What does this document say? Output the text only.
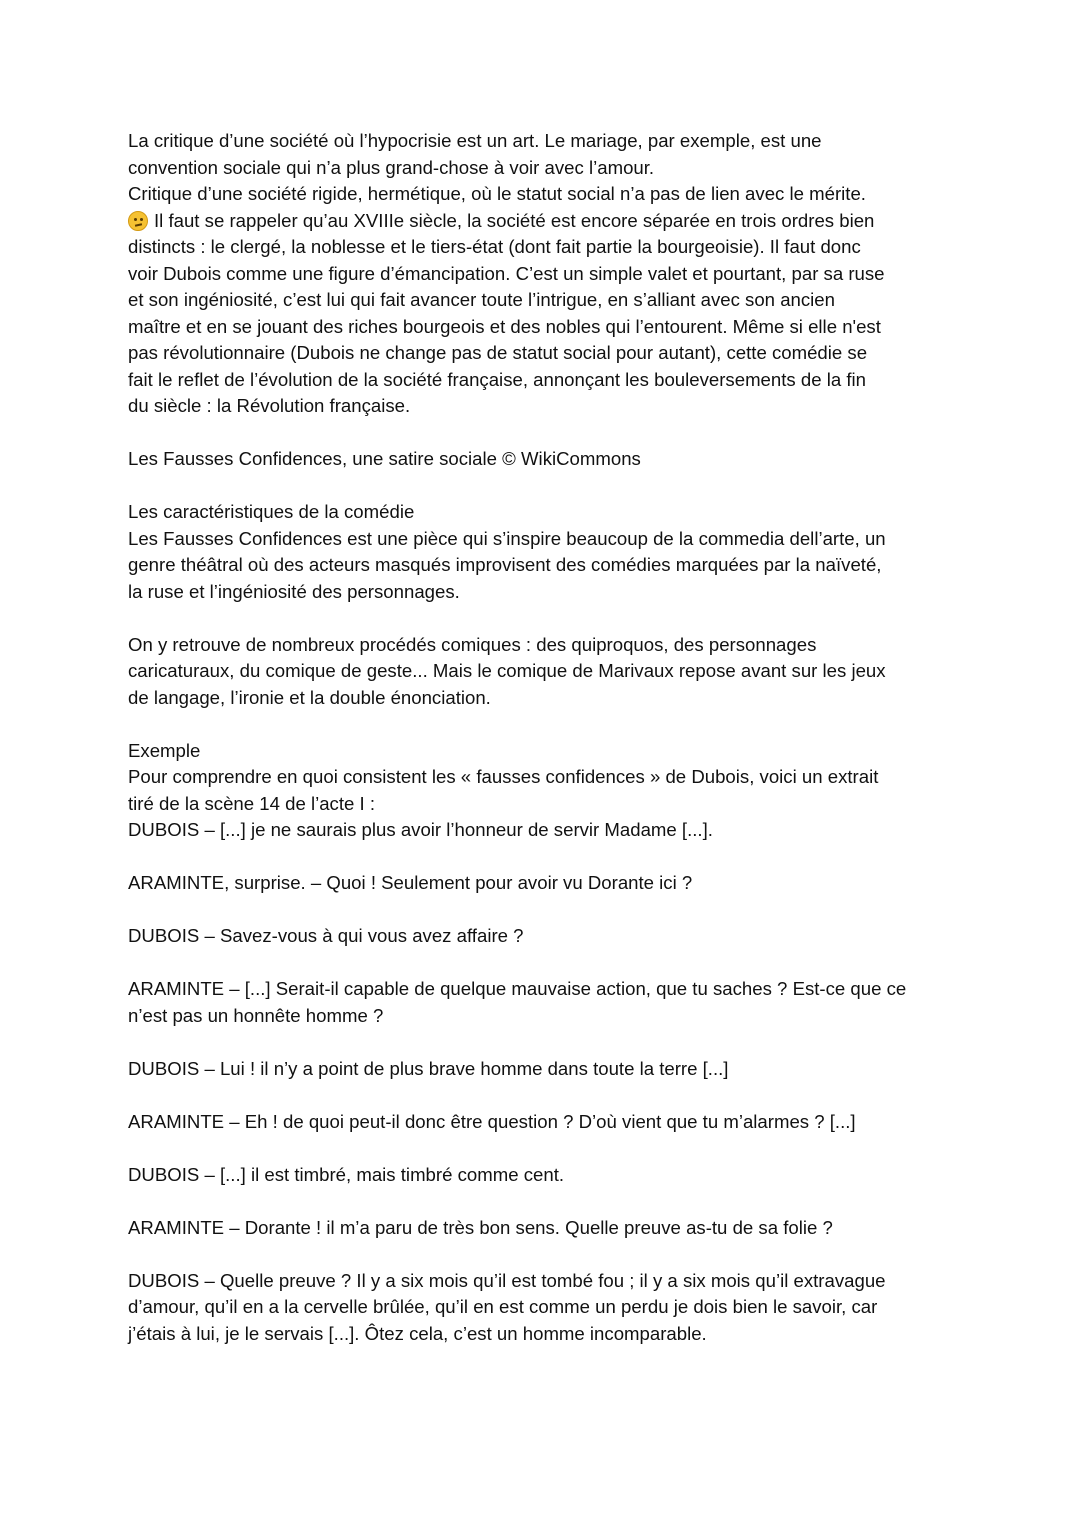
La critique d’une société où l’hypocrisie est un art. Le mariage, par exemple, est une
convention sociale qui n’a plus grand-chose à voir avec l’amour.
Critique d’une société rigide, hermétique, où le statut social n’a pas de lien avec le mérite.
Il faut se rappeler qu’au XVIIIe siècle, la société est encore séparée en trois ordres bien
distincts : le clergé, la noblesse et le tiers-état (dont fait partie la bourgeoisie). Il faut donc
voir Dubois comme une figure d’émancipation. C’est un simple valet et pourtant, par sa ruse
et son ingéniosité, c’est lui qui fait avancer toute l’intrigue, en s’alliant avec son ancien
maître et en se jouant des riches bourgeois et des nobles qui l’entourent. Même si elle n'est
pas révolutionnaire (Dubois ne change pas de statut social pour autant), cette comédie se
fait le reflet de l’évolution de la société française, annonçant les bouleversements de la fin
du siècle : la Révolution française.
Les Fausses Confidences, une satire sociale © WikiCommons
Les caractéristiques de la comédie
Les Fausses Confidences est une pièce qui s’inspire beaucoup de la commedia dell’arte, un
genre théâtral où des acteurs masqués improvisent des comédies marquées par la naïveté,
la ruse et l’ingéniosité des personnages.
On y retrouve de nombreux procédés comiques : des quiproquos, des personnages
caricaturaux, du comique de geste... Mais le comique de Marivaux repose avant sur les jeux
de langage, l’ironie et la double énonciation.
Exemple
Pour comprendre en quoi consistent les « fausses confidences » de Dubois, voici un extrait
tiré de la scène 14 de l’acte I :
DUBOIS – [...] je ne saurais plus avoir l’honneur de servir Madame [...].
ARAMINTE, surprise. – Quoi ! Seulement pour avoir vu Dorante ici ?
DUBOIS – Savez-vous à qui vous avez affaire ?
ARAMINTE – [...] Serait-il capable de quelque mauvaise action, que tu saches ? Est-ce que ce
n’est pas un honnête homme ?
DUBOIS – Lui ! il n’y a point de plus brave homme dans toute la terre [...]
ARAMINTE – Eh ! de quoi peut-il donc être question ? D’où vient que tu m’alarmes ? [...]
DUBOIS – [...] il est timbré, mais timbré comme cent.
ARAMINTE – Dorante ! il m’a paru de très bon sens. Quelle preuve as-tu de sa folie ?
DUBOIS – Quelle preuve ? Il y a six mois qu’il est tombé fou ; il y a six mois qu’il extravague
d’amour, qu’il en a la cervelle brûlée, qu’il en est comme un perdu je dois bien le savoir, car
j’étais à lui, je le servais [...]. Ôtez cela, c’est un homme incomparable.
